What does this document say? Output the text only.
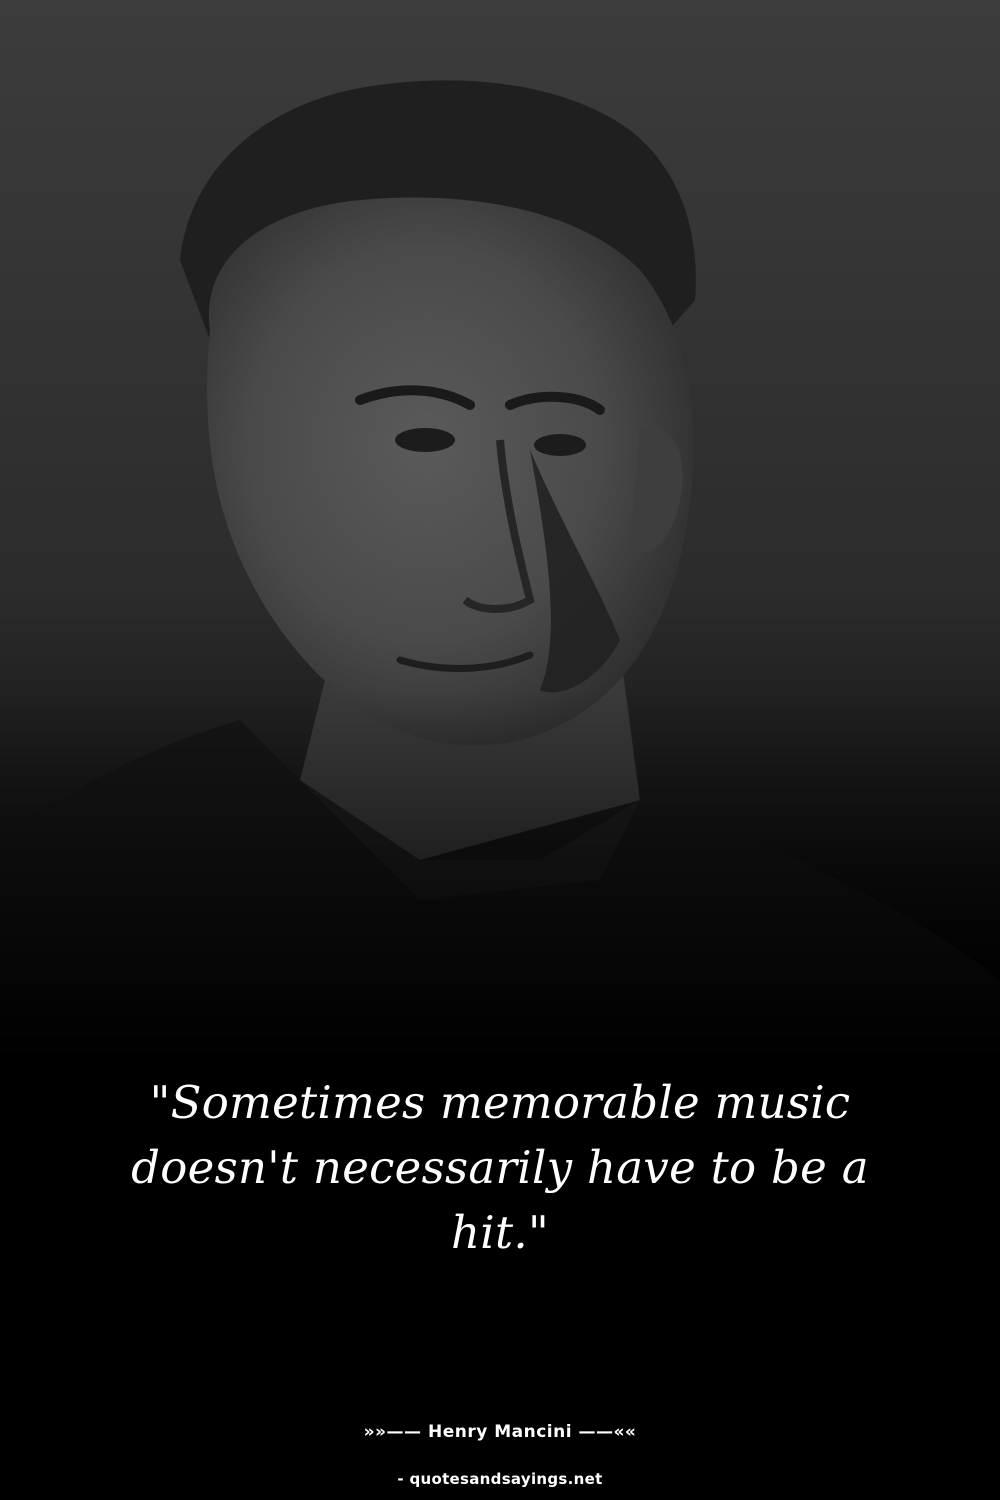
"Sometimes memorable music doesn't necessarily have to be a hit."
»»—— Henry Mancini ——««
- quotesandsayings.net
